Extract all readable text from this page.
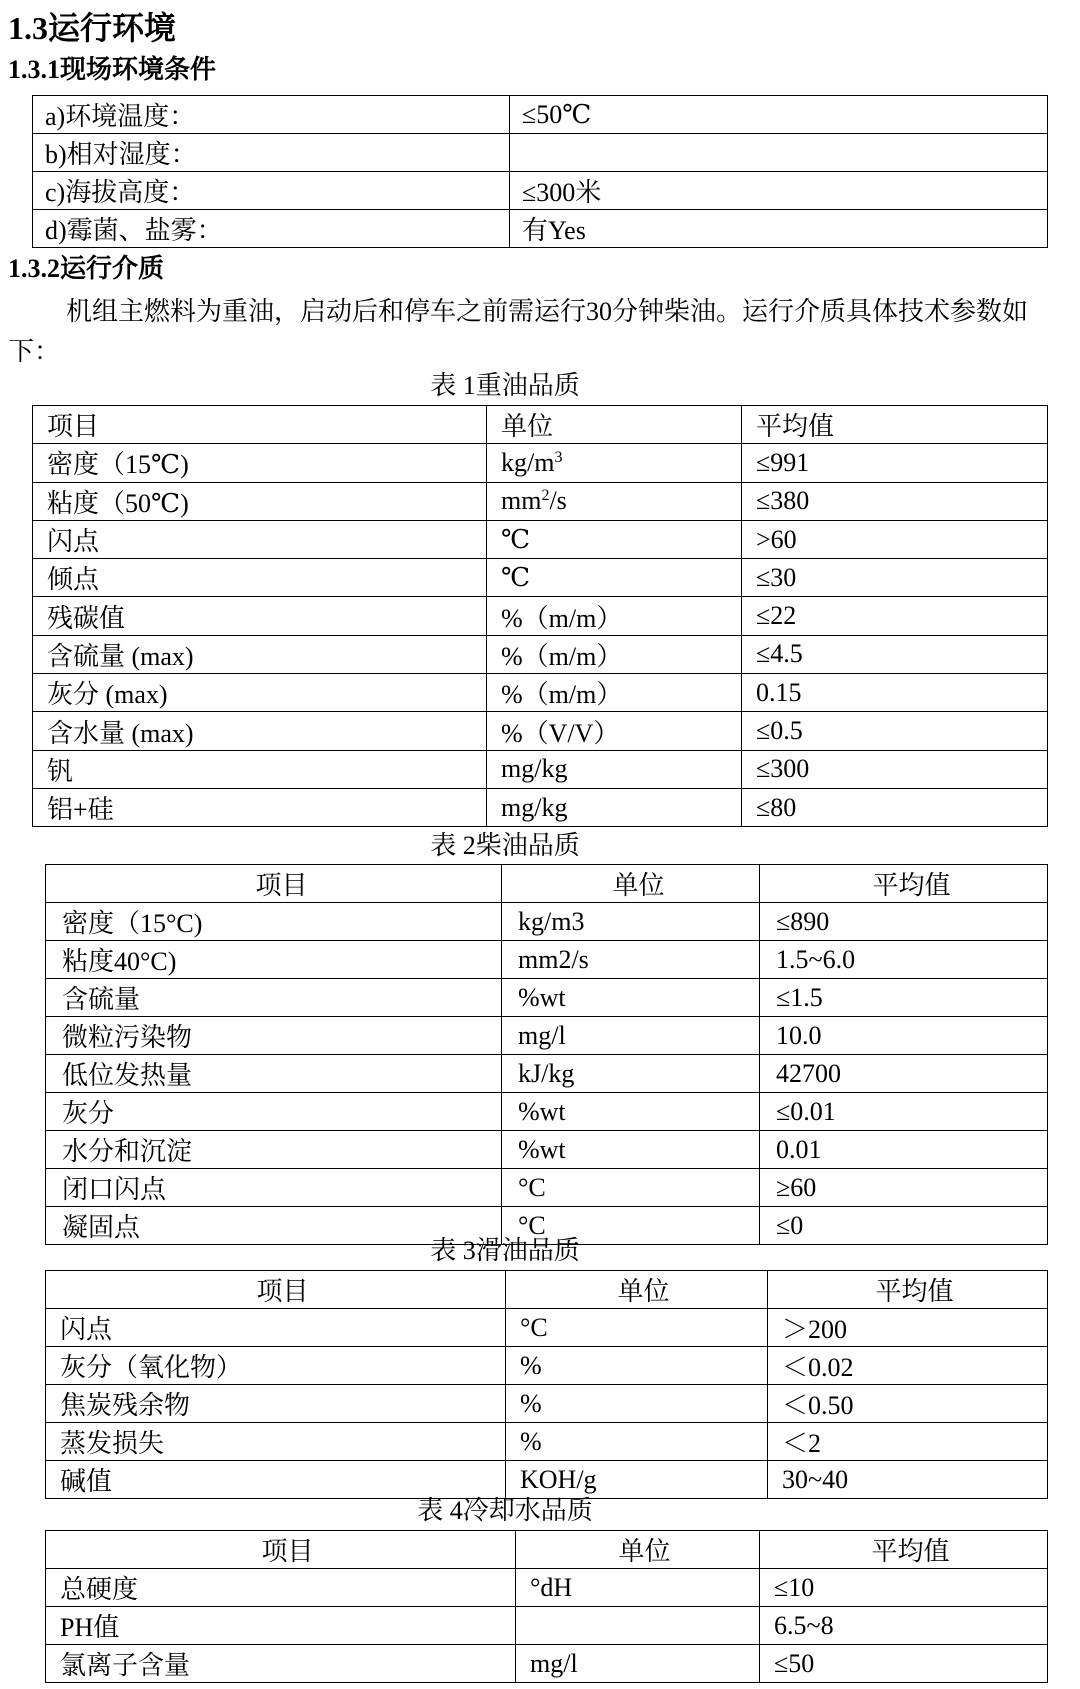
1.3运行环境
1.3.1现场环境条件
a)环境温度：	≤50℃
b)相对湿度：	
c)海拔高度：	≤300米
d)霉菌、盐雾：	有Yes
1.3.2运行介质
机组主燃料为重油，启动后和停车之前需运行30分钟柴油。运行介质具体技术参数如下：
表 1重油品质
项目	单位	平均值
密度（15℃)	$kg/m^3$	≤991
粘度（50℃)	$mm^2/s$	≤380
闪点	℃	>60
倾点	℃	≤30
残碳值	%（m/m）	≤22
含硫量 (max)	%（m/m）	≤4.5
灰分 (max)	%（m/m）	0.15
含水量 (max)	%（V/V）	≤0.5
钒	mg/kg	≤300
铝+硅	mg/kg	≤80
表 2柴油品质
项目	单位	平均值
密度（15°C)	kg/m3	≤890
粘度40°C)	mm2/s	1.5~6.0
含硫量	%wt	≤1.5
微粒污染物	mg/l	10.0
低位发热量	kJ/kg	42700
灰分	%wt	≤0.01
水分和沉淀	%wt	0.01
闭口闪点	°C	≥60
凝固点	°C	≤0
表 3滑油品质
项目	单位	平均值
闪点	°C	＞200
灰分（氧化物）	%	＜0.02
焦炭残余物	%	＜0.50
蒸发损失	%	＜2
碱值	KOH/g	30~40
表 4冷却水品质
项目	单位	平均值
总硬度	°dH	≤10
PH值		6.5~8
氯离子含量	mg/l	≤50
